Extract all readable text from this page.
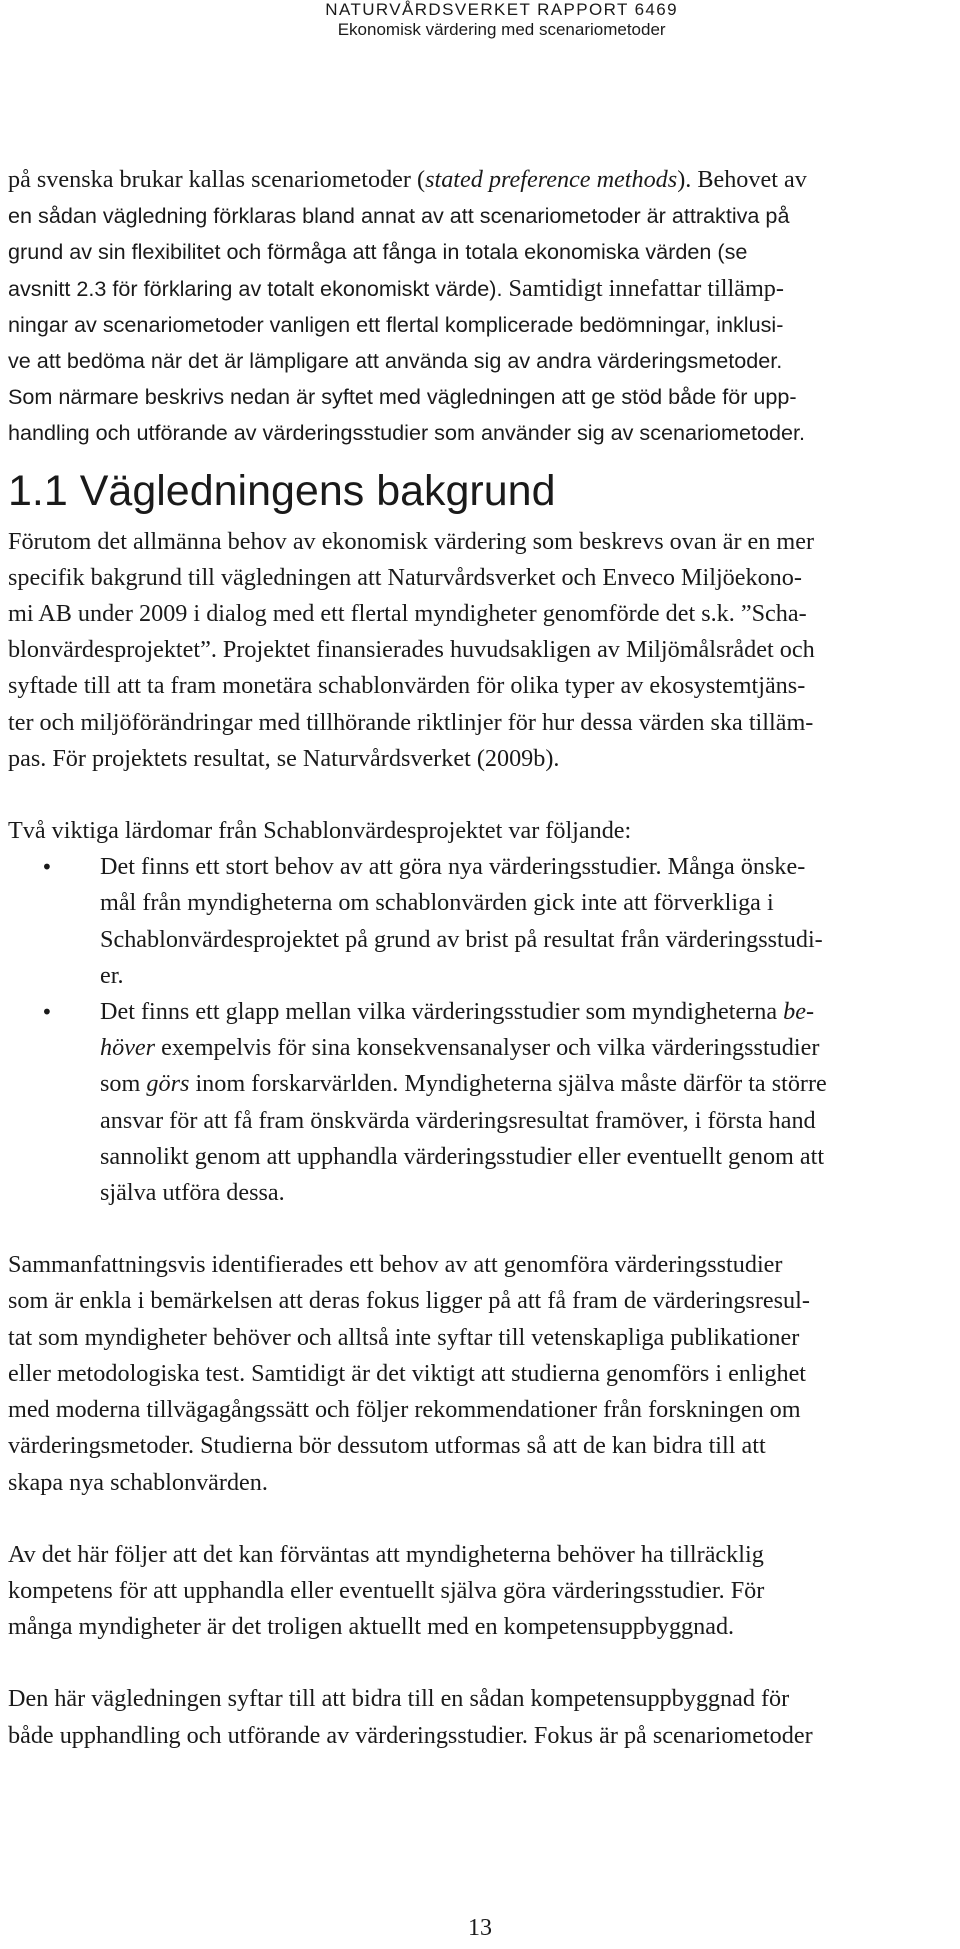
NATURVÅRDSVERKET RAPPORT 6469
Ekonomisk värdering med scenariometoder
på svenska brukar kallas scenariometoder (stated preference methods). Behovet av
en sådan vägledning förklaras bland annat av att scenariometoder är attraktiva på
grund av sin flexibilitet och förmåga att fånga in totala ekonomiska värden (se
avsnitt 2.3 för förklaring av totalt ekonomiskt värde). Samtidigt innefattar tillämp-
ningar av scenariometoder vanligen ett flertal komplicerade bedömningar, inklusi-
ve att bedöma när det är lämpligare att använda sig av andra värderingsmetoder.
Som närmare beskrivs nedan är syftet med vägledningen att ge stöd både för upp-
handling och utförande av värderingsstudier som använder sig av scenariometoder.
1.1 Vägledningens bakgrund
Förutom det allmänna behov av ekonomisk värdering som beskrevs ovan är en mer
specifik bakgrund till vägledningen att Naturvårdsverket och Enveco Miljöekono-
mi AB under 2009 i dialog med ett flertal myndigheter genomförde det s.k. ”Scha-
blonvärdesprojektet”. Projektet finansierades huvudsakligen av Miljömålsrådet och
syftade till att ta fram monetära schablonvärden för olika typer av ekosystemtjäns-
ter och miljöförändringar med tillhörande riktlinjer för hur dessa värden ska tilläm-
pas. För projektets resultat, se Naturvårdsverket (2009b).
Två viktiga lärdomar från Schablonvärdesprojektet var följande:
• Det finns ett stort behov av att göra nya värderingsstudier. Många önske-
mål från myndigheterna om schablonvärden gick inte att förverkliga i
Schablonvärdesprojektet på grund av brist på resultat från värderingsstudi-
er.
• Det finns ett glapp mellan vilka värderingsstudier som myndigheterna be-
höver exempelvis för sina konsekvensanalyser och vilka värderingsstudier
som görs inom forskarvärlden. Myndigheterna själva måste därför ta större
ansvar för att få fram önskvärda värderingsresultat framöver, i första hand
sannolikt genom att upphandla värderingsstudier eller eventuellt genom att
själva utföra dessa.
Sammanfattningsvis identifierades ett behov av att genomföra värderingsstudier
som är enkla i bemärkelsen att deras fokus ligger på att få fram de värderingsresul-
tat som myndigheter behöver och alltså inte syftar till vetenskapliga publikationer
eller metodologiska test. Samtidigt är det viktigt att studierna genomförs i enlighet
med moderna tillvägagångssätt och följer rekommendationer från forskningen om
värderingsmetoder. Studierna bör dessutom utformas så att de kan bidra till att
skapa nya schablonvärden.
Av det här följer att det kan förväntas att myndigheterna behöver ha tillräcklig
kompetens för att upphandla eller eventuellt själva göra värderingsstudier. För
många myndigheter är det troligen aktuellt med en kompetensuppbyggnad.
Den här vägledningen syftar till att bidra till en sådan kompetensuppbyggnad för
både upphandling och utförande av värderingsstudier. Fokus är på scenariometoder
13
